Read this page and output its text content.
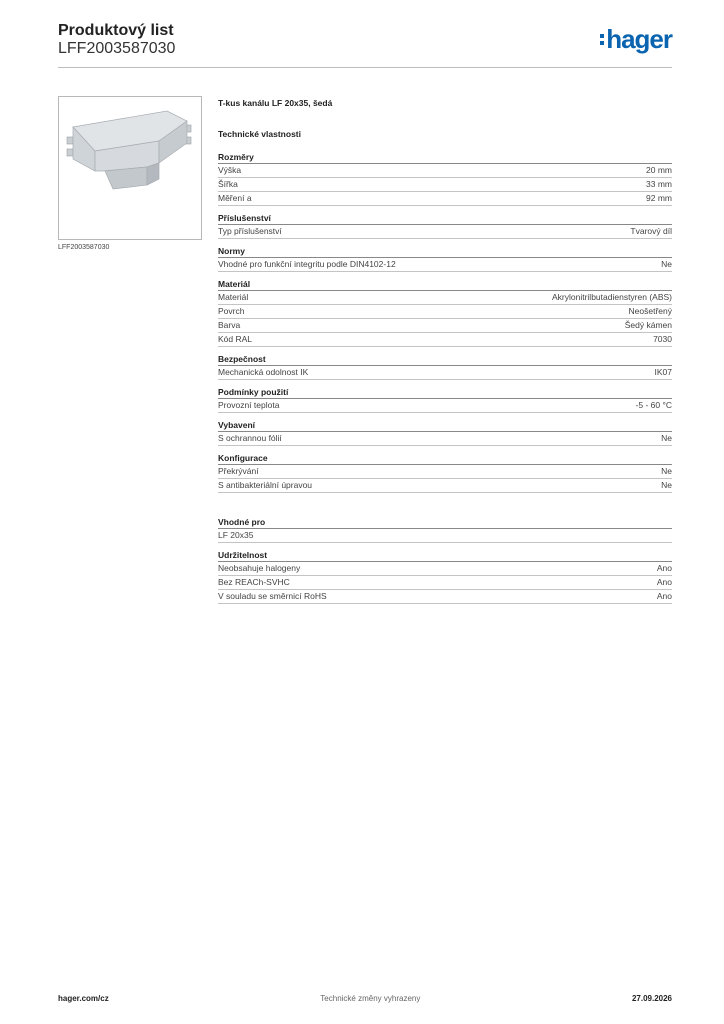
Produktový list
LFF2003587030	hager
LFF2003587030
T-kus kanálu LF 20x35, šedá
Technické vlastnosti
Rozměry
Výška	20 mm
Šířka	33 mm
Měření a	92 mm
Příslušenství
Typ příslušenství	Tvarový díl
Normy
Vhodné pro funkční integritu podle DIN4102-12	Ne
Materiál
Materiál	Akrylonitrilbutadienstyren (ABS)
Povrch	Neošetřený
Barva	Šedý kámen
Kód RAL	7030
Bezpečnost
Mechanická odolnost IK	IK07
Podmínky použití
Provozní teplota	-5 - 60 °C
Vybavení
S ochrannou fólií	Ne
Konfigurace
Překrývání	Ne
S antibakteriální úpravou	Ne
Vhodné pro
LF 20x35
Udržitelnost
Neobsahuje halogeny	Ano
Bez REACh-SVHC	Ano
V souladu se směrnicí RoHS	Ano
hager.com/cz	Technické změny vyhrazeny	27.09.2026
